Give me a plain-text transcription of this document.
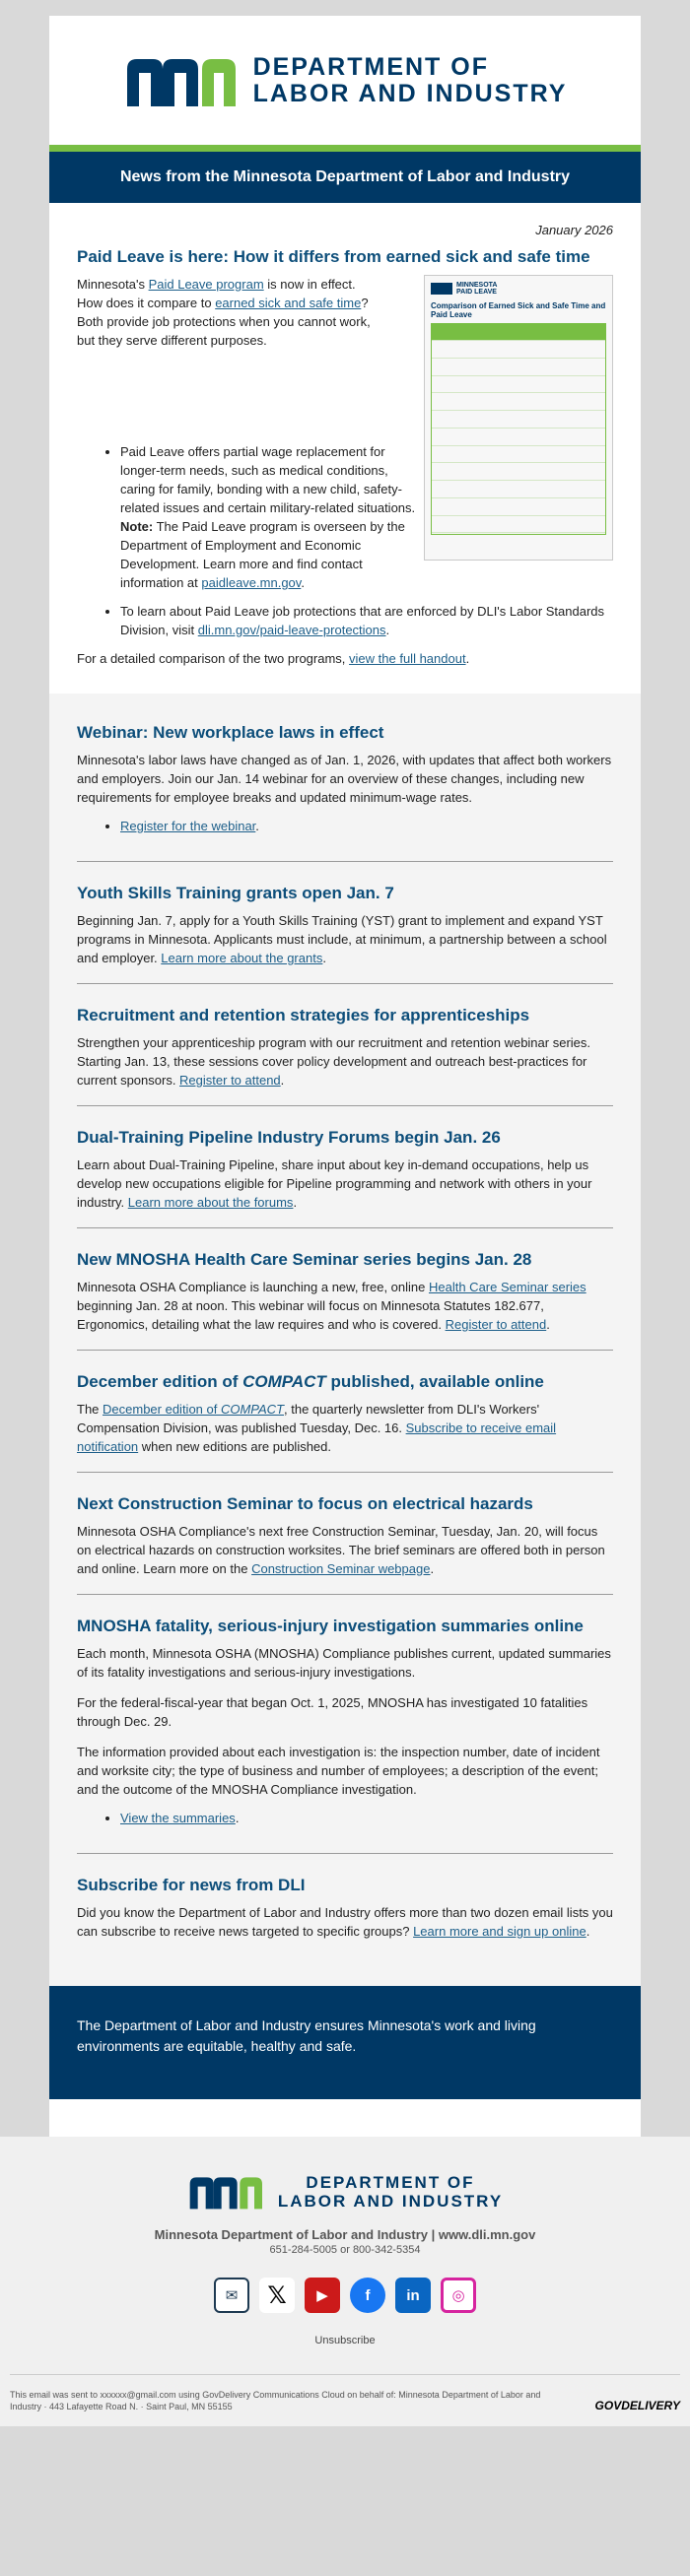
DEPARTMENT OF
LABOR AND INDUSTRY
News from the Minnesota Department of Labor and Industry
January 2026
Paid Leave is here: How it differs from earned sick and safe time

Minnesota's Paid Leave program is now in effect. How does it compare to earned sick and safe time? Both provide job protections when you cannot work, but they serve different purposes.

MINNESOTA
PAID LEAVE
Comparison of Earned Sick and Safe Time and Paid Leave
• Paid Leave offers partial wage replacement for longer-term needs, such as medical conditions, caring for family, bonding with a new child, safety-related issues and certain military-related situations. Note: The Paid Leave program is overseen by the Department of Employment and Economic Development. Learn more and find contact information at paidleave.mn.gov.
• To learn about Paid Leave job protections that are enforced by DLI's Labor Standards Division, visit dli.mn.gov/paid-leave-protections.

For a detailed comparison of the two programs, view the full handout.

Webinar: New workplace laws in effect

Minnesota's labor laws have changed as of Jan. 1, 2026, with updates that affect both workers and employers. Join our Jan. 14 webinar for an overview of these changes, including new requirements for employee breaks and updated minimum-wage rates.

• Register for the webinar.
Youth Skills Training grants open Jan. 7

Beginning Jan. 7, apply for a Youth Skills Training (YST) grant to implement and expand YST programs in Minnesota. Applicants must include, at minimum, a partnership between a school and employer. Learn more about the grants.

Recruitment and retention strategies for apprenticeships

Strengthen your apprenticeship program with our recruitment and retention webinar series. Starting Jan. 13, these sessions cover policy development and outreach best-practices for current sponsors. Register to attend.

Dual-Training Pipeline Industry Forums begin Jan. 26

Learn about Dual-Training Pipeline, share input about key in-demand occupations, help us develop new occupations eligible for Pipeline programming and network with others in your industry. Learn more about the forums.

New MNOSHA Health Care Seminar series begins Jan. 28

Minnesota OSHA Compliance is launching a new, free, online Health Care Seminar series beginning Jan. 28 at noon. This webinar will focus on Minnesota Statutes 182.677, Ergonomics, detailing what the law requires and who is covered. Register to attend.

December edition of COMPACT published, available online

The December edition of COMPACT, the quarterly newsletter from DLI's Workers' Compensation Division, was published Tuesday, Dec. 16. Subscribe to receive email notification when new editions are published.

Next Construction Seminar to focus on electrical hazards

Minnesota OSHA Compliance's next free Construction Seminar, Tuesday, Jan. 20, will focus on electrical hazards on construction worksites. The brief seminars are offered both in person and online. Learn more on the Construction Seminar webpage.

MNOSHA fatality, serious-injury investigation summaries online

Each month, Minnesota OSHA (MNOSHA) Compliance publishes current, updated summaries of its fatality investigations and serious-injury investigations.

For the federal-fiscal-year that began Oct. 1, 2025, MNOSHA has investigated 10 fatalities through Dec. 29.

The information provided about each investigation is: the inspection number, date of incident and worksite city; the type of business and number of employees; a description of the event; and the outcome of the MNOSHA Compliance investigation.

• View the summaries.
Subscribe for news from DLI

Did you know the Department of Labor and Industry offers more than two dozen email lists you can subscribe to receive news targeted to specific groups? Learn more and sign up online.

The Department of Labor and Industry ensures Minnesota's work and living environments are equitable, healthy and safe.
DEPARTMENT OF
LABOR AND INDUSTRY
Minnesota Department of Labor and Industry | www.dli.mn.gov
651-284-5005 or 800-342-5354
✉	𝕏	▶	f	in	◎
Unsubscribe

This email was sent to xxxxxx@gmail.com using GovDelivery Communications Cloud on behalf of: Minnesota Department of Labor and Industry · 443 Lafayette Road N. · Saint Paul, MN 55155	GOVDELIVERY
